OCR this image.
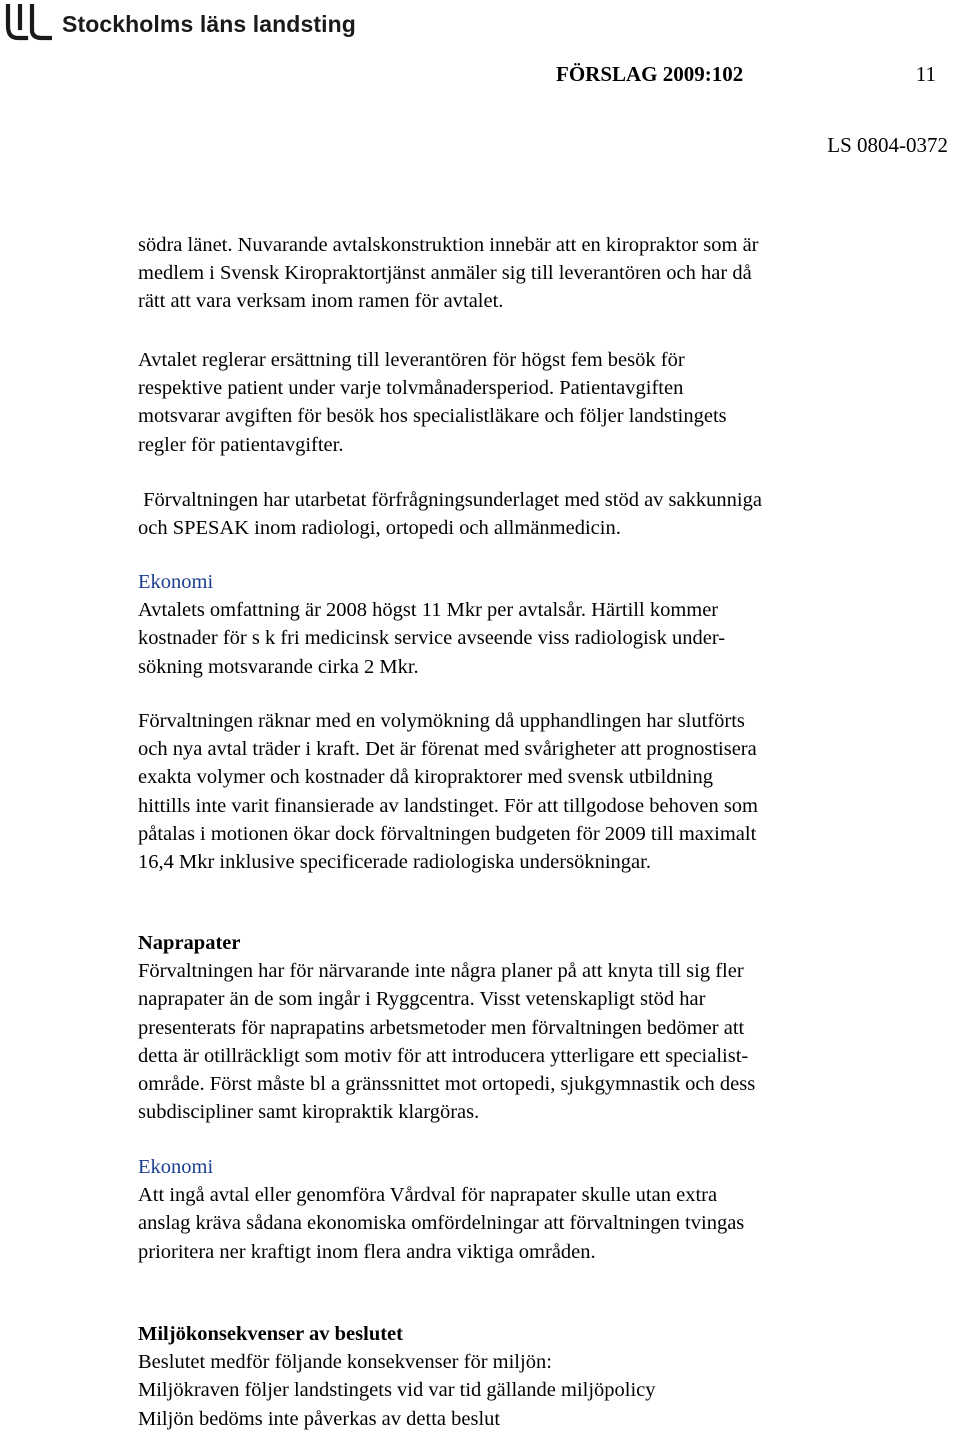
Stockholms läns landsting
FÖRSLAG 2009:102	11
LS 0804-0372

södra länet. Nuvarande avtalskonstruktion innebär att en kiropraktor som är

medlem i Svensk Kiropraktortjänst anmäler sig till leverantören och har då

rätt att vara verksam inom ramen för avtalet.

Avtalet reglerar ersättning till leverantören för högst fem besök för

respektive patient under varje tolvmånadersperiod. Patientavgiften

motsvarar avgiften för besök hos specialistläkare och följer landstingets

regler för patientavgifter.

Förvaltningen har utarbetat förfrågningsunderlaget med stöd av sakkunniga

och SPESAK inom radiologi, ortopedi och allmänmedicin.

Ekonomi

Avtalets omfattning är 2008 högst 11 Mkr per avtalsår. Härtill kommer

kostnader för s k fri medicinsk service avseende viss radiologisk under-

sökning motsvarande cirka 2 Mkr.

Förvaltningen räknar med en volymökning då upphandlingen har slutförts

och nya avtal träder i kraft. Det är förenat med svårigheter att prognostisera

exakta volymer och kostnader då kiropraktorer med svensk utbildning

hittills inte varit finansierade av landstinget. För att tillgodose behoven som

påtalas i motionen ökar dock förvaltningen budgeten för 2009 till maximalt

16,4 Mkr inklusive specificerade radiologiska undersökningar.

Naprapater

Förvaltningen har för närvarande inte några planer på att knyta till sig fler

naprapater än de som ingår i Ryggcentra. Visst vetenskapligt stöd har

presenterats för naprapatins arbetsmetoder men förvaltningen bedömer att

detta är otillräckligt som motiv för att introducera ytterligare ett specialist-

område. Först måste bl a gränssnittet mot ortopedi, sjukgymnastik och dess

subdiscipliner samt kiropraktik klargöras.

Ekonomi

Att ingå avtal eller genomföra Vårdval för naprapater skulle utan extra

anslag kräva sådana ekonomiska omfördelningar att förvaltningen tvingas

prioritera ner kraftigt inom flera andra viktiga områden.

Miljökonsekvenser av beslutet

Beslutet medför följande konsekvenser för miljön:

Miljökraven följer landstingets vid var tid gällande miljöpolicy

Miljön bedöms inte påverkas av detta beslut
